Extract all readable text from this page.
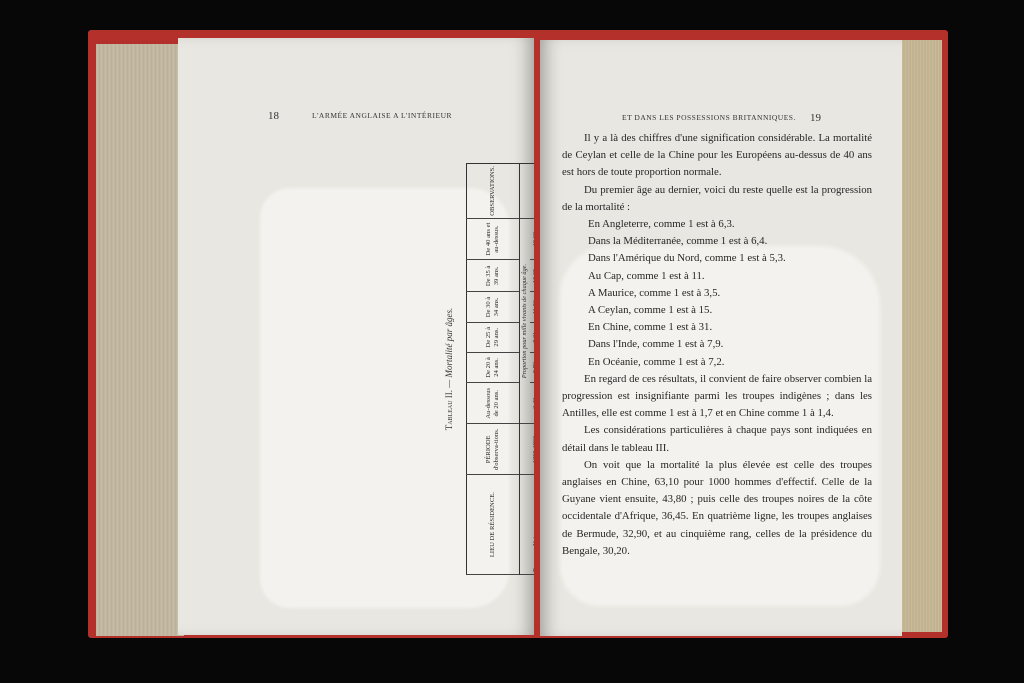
18	L'ARMÉE ANGLAISE A L'INTÉRIEUR
Tableau II. — Mortalité par âges.
LIEU DE RÉSIDENCE.	PÉRIODE d'observa-tions.	Au-dessous de 20 ans.	De 20 à 24 ans.	De 25 à 29 ans.	De 30 à 34 ans.	De 35 à 39 ans.	De 40 ans et au-dessus.	OBSERVATIONS.
		Proportion pour mille vivants de chaque âge.						

ET DANS LES POSSESSIONS BRITANNIQUES. 19

Il y a là des chiffres d'une signification considérable. La mortalité de Ceylan et celle de la Chine pour les Européens au-dessus de 40 ans est hors de toute proportion normale.

Du premier âge au dernier, voici du reste quelle est la progression de la mortalité :

En Angleterre, comme 1 est à 6,3.

Dans la Méditerranée, comme 1 est à 6,4.

Dans l'Amérique du Nord, comme 1 est à 5,3.

Au Cap, comme 1 est à 11.

A Maurice, comme 1 est à 3,5.

A Ceylan, comme 1 est à 15.

En Chine, comme 1 est à 31.

Dans l'Inde, comme 1 est à 7,9.

En Océanie, comme 1 est à 7,2.

En regard de ces résultats, il convient de faire observer combien la progression est insignifiante parmi les troupes indigènes ; dans les Antilles, elle est comme 1 est à 1,7 et en Chine comme 1 à 1,4.

Les considérations particulières à chaque pays sont indiquées en détail dans le tableau III.

On voit que la mortalité la plus élevée est celle des troupes anglaises en Chine, 63,10 pour 1000 hommes d'effectif. Celle de la Guyane vient ensuite, 43,80 ; puis celle des troupes noires de la côte occidentale d'Afrique, 36,45. En quatrième ligne, les troupes anglaises de Bermude, 32,90, et au cinquième rang, celles de la présidence du Bengale, 30,20.
